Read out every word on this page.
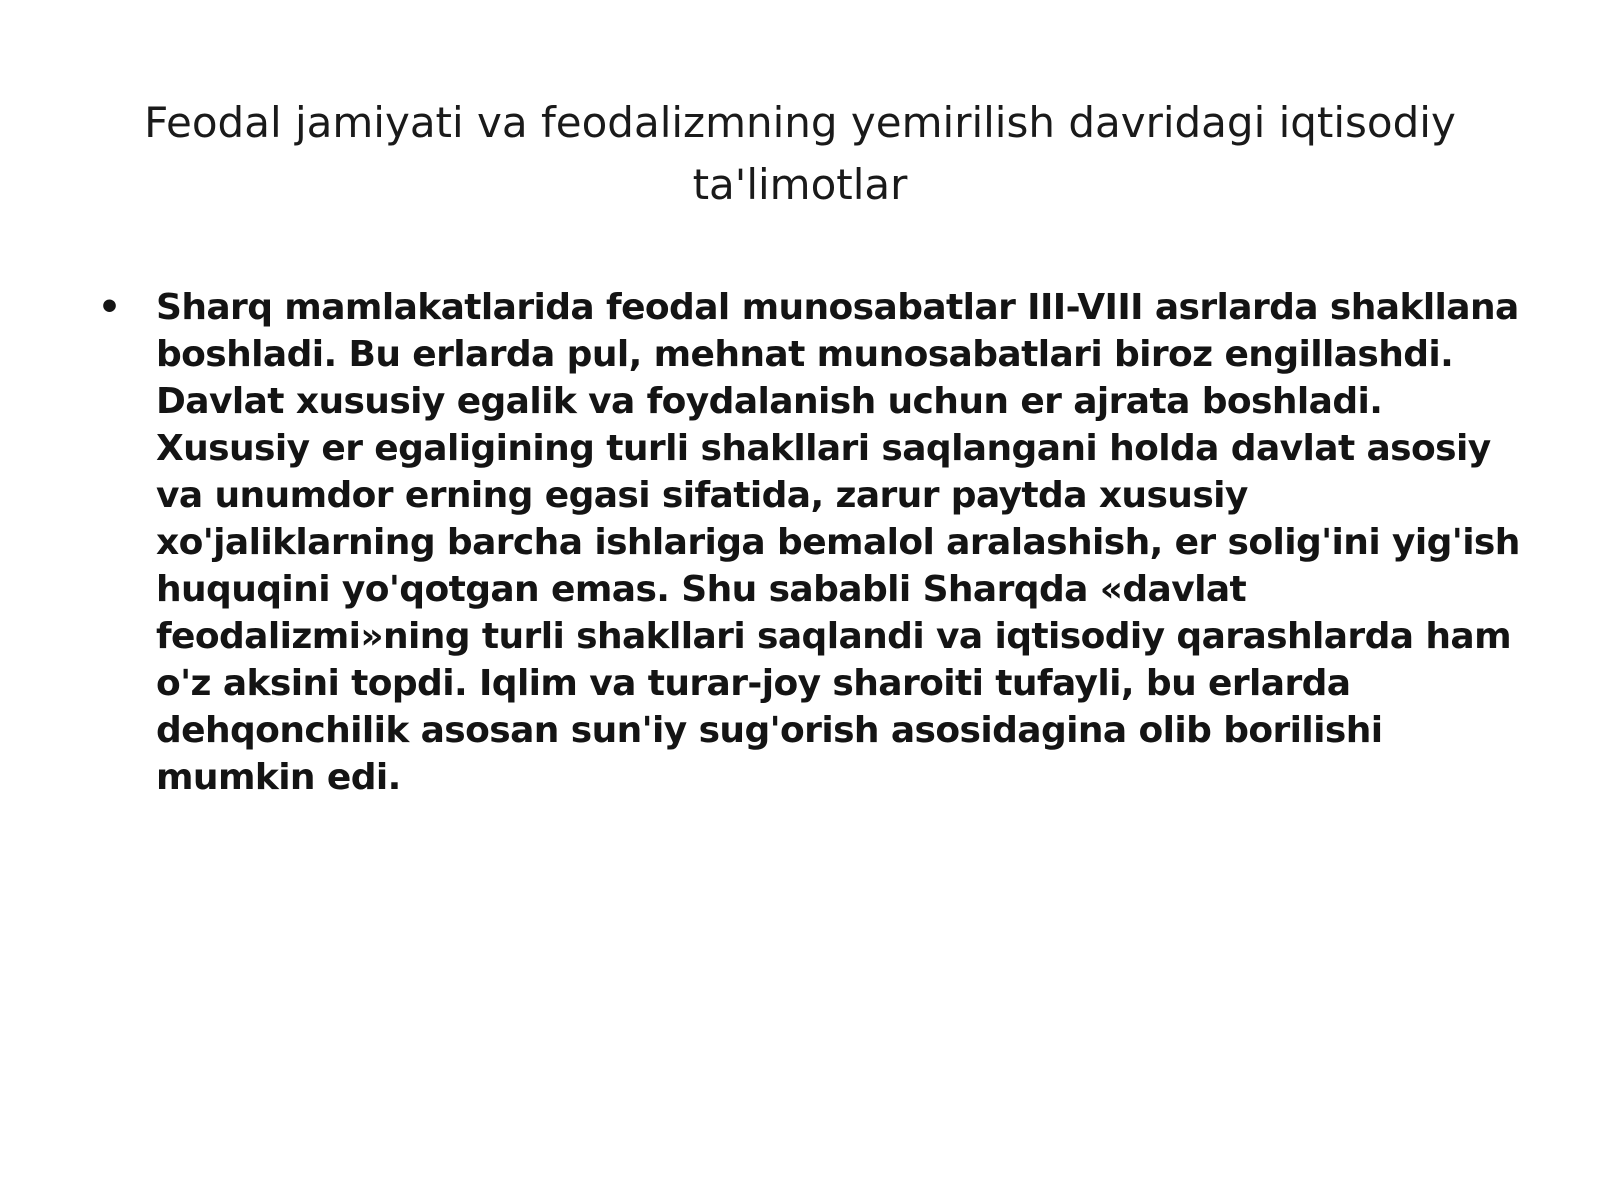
Feodal jamiyati va feodalizmning yemirilish davridagi iqtisodiy ta'limotlar
• Sharq mamlakatlarida feodal munosabatlar III-VIII asrlarda shakllana boshladi. Bu erlarda pul, mehnat munosabatlari biroz engillashdi. Davlat xususiy egalik va foydalanish uchun er ajrata boshladi. Xususiy er egaligining turli shakllari saqlangani holda davlat asosiy va unumdor erning egasi sifatida, zarur paytda xususiy xo'jaliklarning barcha ishlariga bemalol aralashish, er solig'ini yig'ish huquqini yo'qotgan emas. Shu sababli Sharqda «davlat feodalizmi»ning turli shakllari saqlandi va iqtisodiy qarashlarda ham o'z aksini topdi. Iqlim va turar-joy sharoiti tufayli, bu erlarda dehqonchilik asosan sun'iy sug'orish asosidagina olib borilishi mumkin edi.
